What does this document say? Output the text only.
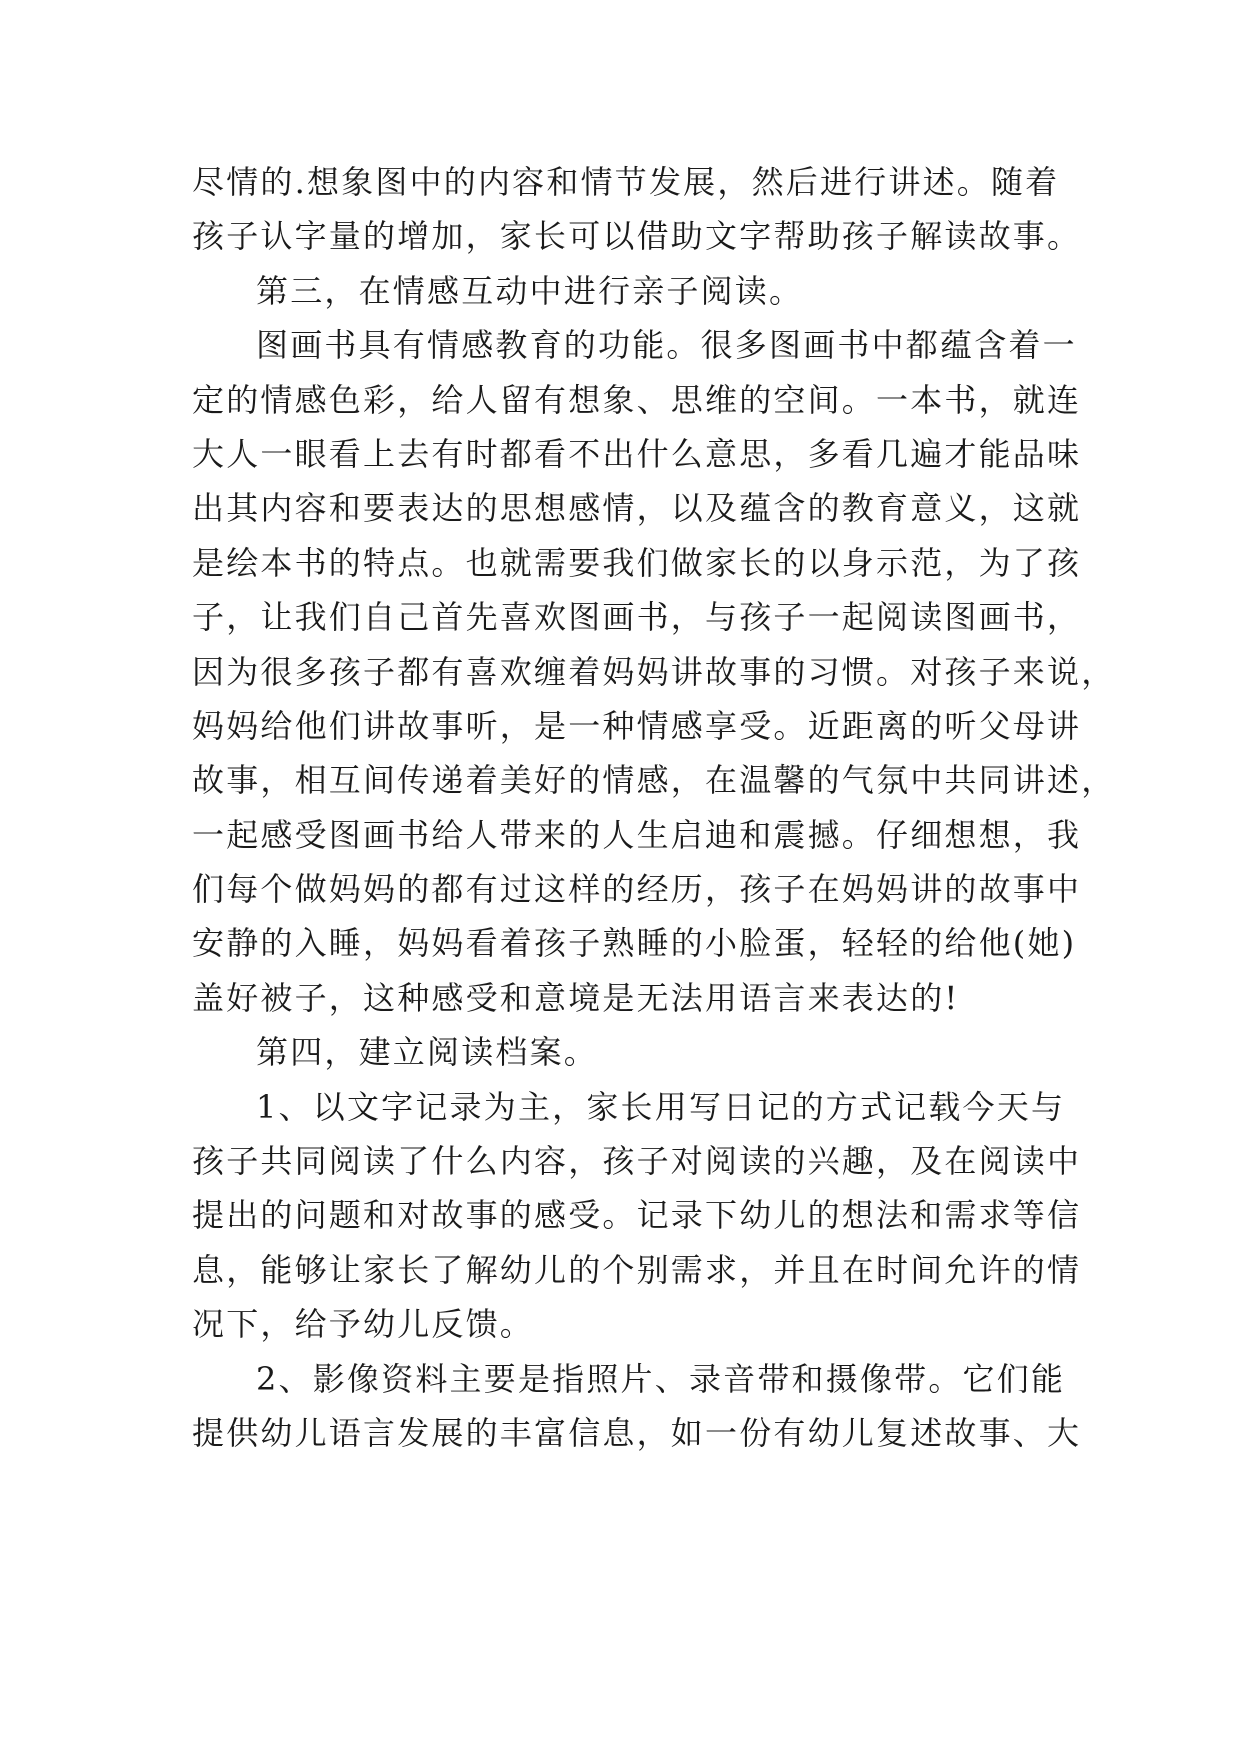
尽情的.想象图中的内容和情节发展，然后进行讲述。随着
孩子认字量的增加，家长可以借助文字帮助孩子解读故事。
第三，在情感互动中进行亲子阅读。
图画书具有情感教育的功能。很多图画书中都蕴含着一
定的情感色彩，给人留有想象、思维的空间。一本书，就连
大人一眼看上去有时都看不出什么意思，多看几遍才能品味
出其内容和要表达的思想感情，以及蕴含的教育意义，这就
是绘本书的特点。也就需要我们做家长的以身示范，为了孩
子，让我们自己首先喜欢图画书，与孩子一起阅读图画书，
因为很多孩子都有喜欢缠着妈妈讲故事的习惯。对孩子来说，
妈妈给他们讲故事听，是一种情感享受。近距离的听父母讲
故事，相互间传递着美好的情感，在温馨的气氛中共同讲述，
一起感受图画书给人带来的人生启迪和震撼。仔细想想，我
们每个做妈妈的都有过这样的经历，孩子在妈妈讲的故事中
安静的入睡，妈妈看着孩子熟睡的小脸蛋，轻轻的给他(她)
盖好被子，这种感受和意境是无法用语言来表达的!
第四，建立阅读档案。
1、以文字记录为主，家长用写日记的方式记载今天与
孩子共同阅读了什么内容，孩子对阅读的兴趣，及在阅读中
提出的问题和对故事的感受。记录下幼儿的想法和需求等信
息，能够让家长了解幼儿的个别需求，并且在时间允许的情
况下，给予幼儿反馈。
2、影像资料主要是指照片、录音带和摄像带。它们能
提供幼儿语言发展的丰富信息，如一份有幼儿复述故事、大
